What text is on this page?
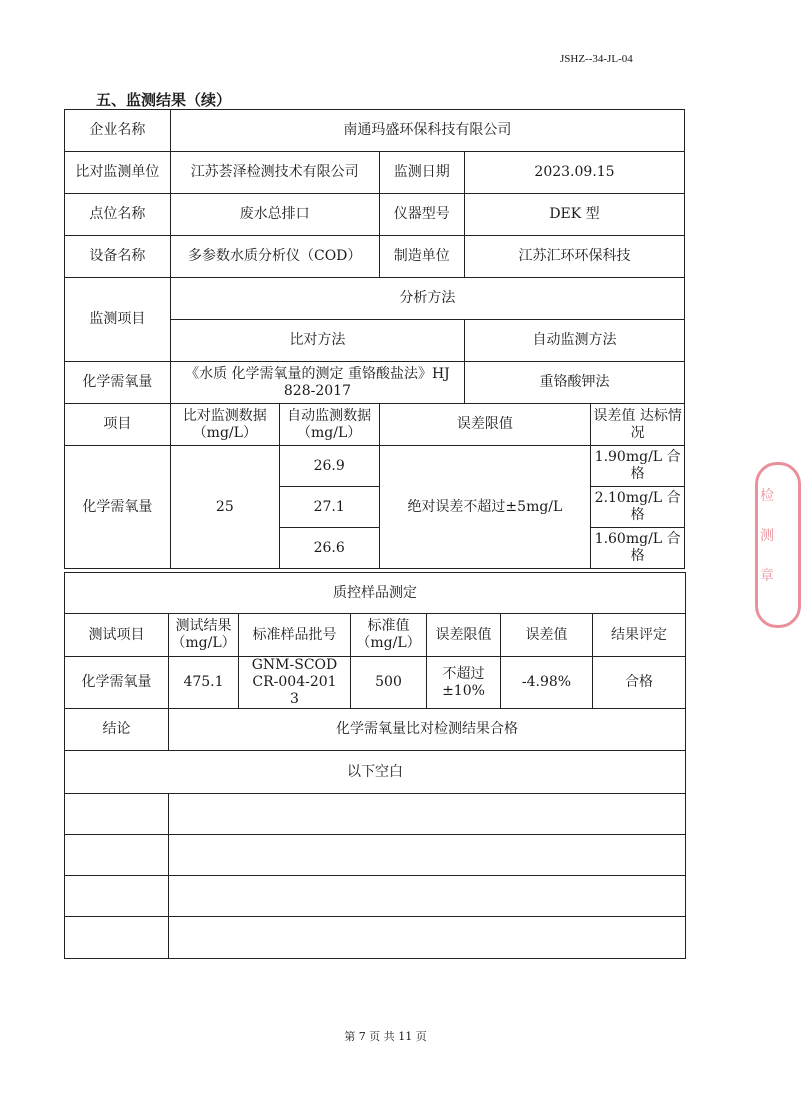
JSHZ--34-JL-04
五、监测结果（续）
企业名称	南通玛盛环保科技有限公司				
比对监测单位	江苏荟泽检测技术有限公司		监测日期	2023.09.15	
点位名称	废水总排口		仪器型号	DEK 型	
设备名称	多参数水质分析仪（COD）		制造单位	江苏汇环环保科技	
监测项目	分析方法				
	比对方法			自动监测方法	
化学需氧量	《水质 化学需氧量的测定 重铬酸盐法》HJ 828-2017			重铬酸钾法	
项目	比对监测数据（mg/L）	自动监测数据（mg/L）	误差限值		误差值 达标情况
化学需氧量	25	26.9	绝对误差不超过±5mg/L		1.90mg/L 合格
		27.1			2.10mg/L 合格
		26.6			1.60mg/L 合格
质控样品测定						
测试项目	测试结果（mg/L）	标准样品批号	标准值（mg/L）	误差限值	误差值	结果评定
化学需氧量	475.1	GNM-SCODCR-004-2013	500	不超过±10%	-4.98%	合格
结论	化学需氧量比对检测结果合格					
以下空白						

检
测
章
第 7 页 共 11 页
